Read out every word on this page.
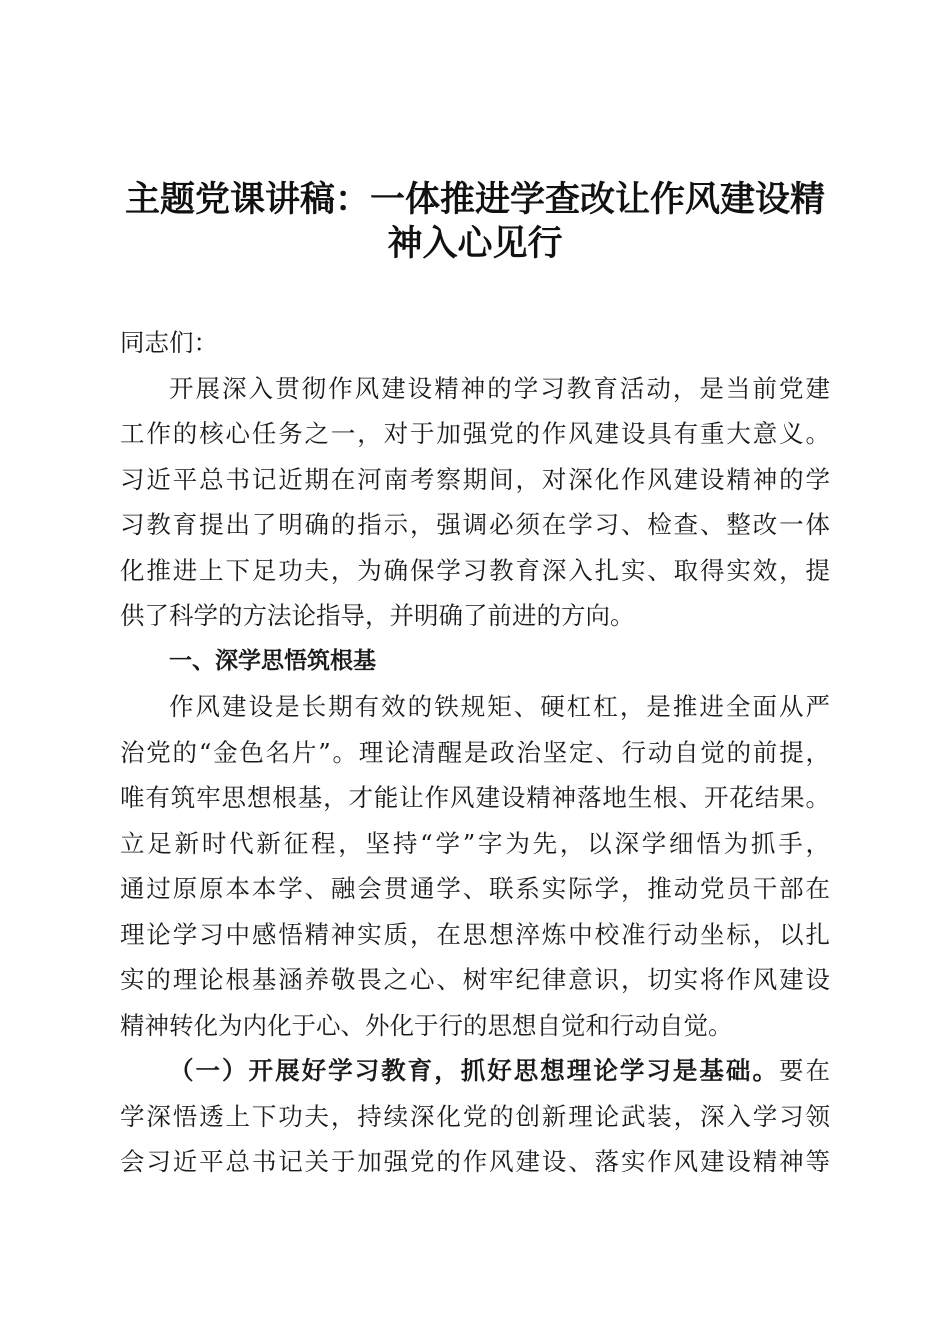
主题党课讲稿：一体推进学查改让作风建设精
神入心见行
同志们：
开展深入贯彻作风建设精神的学习教育活动，是当前党建
工作的核心任务之一，对于加强党的作风建设具有重大意义。
习近平总书记近期在河南考察期间，对深化作风建设精神的学
习教育提出了明确的指示，强调必须在学习、检查、整改一体
化推进上下足功夫，为确保学习教育深入扎实、取得实效，提
供了科学的方法论指导，并明确了前进的方向。
一、深学思悟筑根基
作风建设是长期有效的铁规矩、硬杠杠，是推进全面从严
治党的“金色名片”。理论清醒是政治坚定、行动自觉的前提，
唯有筑牢思想根基，才能让作风建设精神落地生根、开花结果。
立足新时代新征程，坚持“学”字为先，以深学细悟为抓手，
通过原原本本学、融会贯通学、联系实际学，推动党员干部在
理论学习中感悟精神实质，在思想淬炼中校准行动坐标，以扎
实的理论根基涵养敬畏之心、树牢纪律意识，切实将作风建设
精神转化为内化于心、外化于行的思想自觉和行动自觉。
（一）开展好学习教育，抓好思想理论学习是基础。要在
学深悟透上下功夫，持续深化党的创新理论武装，深入学习领
会习近平总书记关于加强党的作风建设、落实作风建设精神等
